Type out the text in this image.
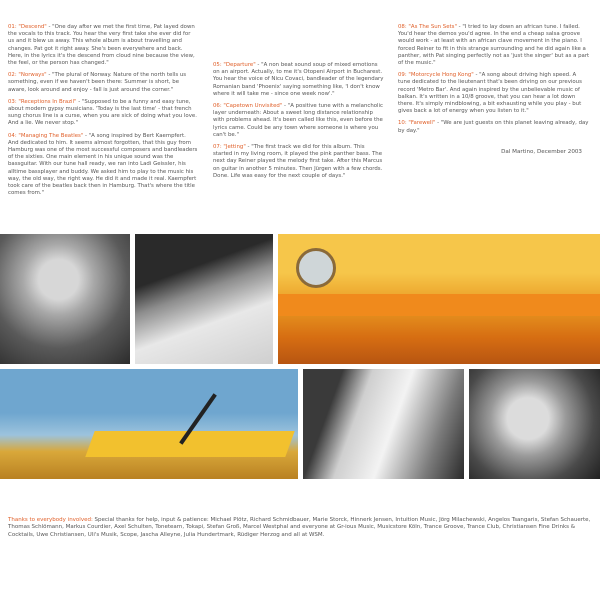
01: "Descend" - "One day after we met the first time, Pat layed down the vocals to this track. You hear the very first take she ever did for us and it blew us away. This whole album is about travelling and changes. Pat got it right away. She's been everywhere and back. Here, in the lyrics it's the descend from cloud nine because the view, the feel, or the person has changed."

02: "Norways" - "The plural of Norway. Nature of the north tells us something, even if we haven't been there: Summer is short, be aware, look around and enjoy - fall is just around the corner."

03: "Receptions In Brazil" - "Supposed to be a funny and easy tune, about modern gypsy musicians. 'Today is the last time' - that french sung chorus line is a curse, when you are sick of doing what you love. And a lie. We never stop."

04: "Managing The Beatles" - "A song inspired by Bert Kaempfert. And dedicated to him. It seems almost forgotten, that this guy from Hamburg was one of the most successful composers and bandleaders of the sixties. One main element in his unique sound was the bassguitar. With our tune hall ready, we ran into Ladi Geissler, his alltime bassplayer and buddy. We asked him to play to the music his way, the old way, the right way. He did it and made it real. Kaempfert took care of the beatles back then in Hamburg. That's where the title comes from."

05: "Departure" - "A non beat sound soup of mixed emotions on an airport. Actually, to me it's Otopeni Airport in Bucharest. You hear the voice of Nicu Covaci, bandleader of the legendary Romanian band 'Phoenix' saying something like, 'I don't know where it will take me - since one week now'."

06: "Capetown Unvisited" - "A positive tune with a melancholic layer underneath: About a sweet long distance relationship with problems ahead. It's been called like this, even before the lyrics came. Could be any town where someone is where you can't be."

07: "Jetting" - "The first track we did for this album. This started in my living room, it played the pink panther bass. The next day Reiner played the melody first take. After this Marcus on guitar in another 5 minutes. Then Jürgen with a few chords. Done. Life was easy for the next couple of days."

08: "As The Sun Sets" - "I tried to lay down an african tune. I failed. You'd hear the demos you'd agree. In the end a cheap salsa groove would work - at least with an african clave movement in the piano. I forced Reiner to fit in this strange surrounding and he did again like a panther, with Pat singing perfectly not as 'just the singer' but as a part of the music."

09: "Motorcycle Hong Kong" - "A song about driving high speed. A tune dedicated to the lieutenant that's been driving on our previous record 'Metro Bar'. And again inspired by the unbelievable music of balkan. It's written in a 10/8 groove, that you can hear a lot down there. It's simply mindblowing, a bit exhausting while you play - but gives back a lot of energy when you listen to it."

10: "Farewell" - "We are just guests on this planet leaving already, day by day."

Dal Martino, December 2003
Thanks to everybody involved: Special thanks for help, input & patience: Michael Plötz, Richard Schmidbauer, Marie Storck, Hinnerk Jensen, Intuition Music, Jörg Milachewski, Angelos Tsangaris, Stefan Schauerte, Thomas Schlömann, Markus Courdier, Axel Schulten, Tonetearn, Tokapi, Stefan Groß, Marcel Westphal and everyone at Gr-ious Music, Musicstore Köln, Trance Groove, Trance Club, Christiansen Fine Drinks & Cocktails, Uwe Christiansen, Uli's Musik, Scope, Jascha Alleyne, Julia Hundertmark, Rüdiger Herzog and all at WSM.
